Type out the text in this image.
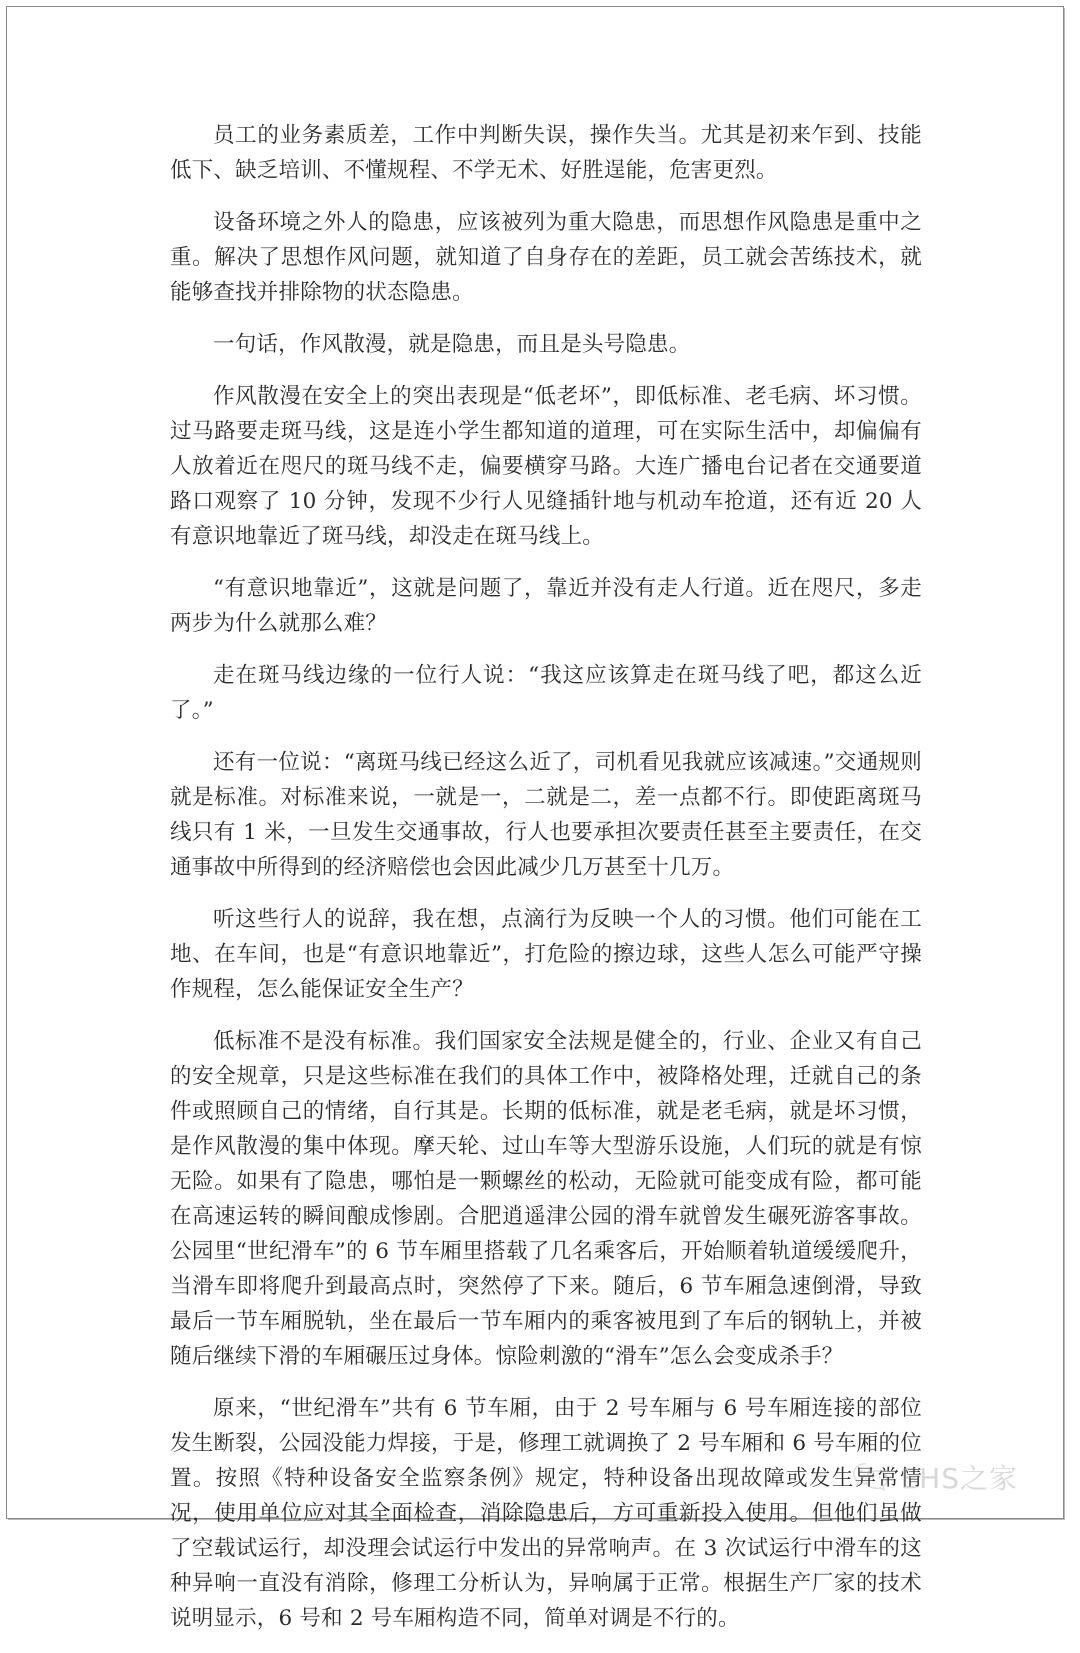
员工的业务素质差，工作中判断失误，操作失当。尤其是初来乍到、技能低下、缺乏培训、不懂规程、不学无术、好胜逞能，危害更烈。

设备环境之外人的隐患，应该被列为重大隐患，而思想作风隐患是重中之重。解决了思想作风问题，就知道了自身存在的差距，员工就会苦练技术，就能够查找并排除物的状态隐患。

一句话，作风散漫，就是隐患，而且是头号隐患。

作风散漫在安全上的突出表现是“低老坏”，即低标准、老毛病、坏习惯。过马路要走斑马线，这是连小学生都知道的道理，可在实际生活中，却偏偏有人放着近在咫尺的斑马线不走，偏要横穿马路。大连广播电台记者在交通要道路口观察了 10 分钟，发现不少行人见缝插针地与机动车抢道，还有近 20 人有意识地靠近了斑马线，却没走在斑马线上。

“有意识地靠近”，这就是问题了，靠近并没有走人行道。近在咫尺，多走两步为什么就那么难？

走在斑马线边缘的一位行人说：“我这应该算走在斑马线了吧，都这么近了。”

还有一位说：“离斑马线已经这么近了，司机看见我就应该减速。”交通规则就是标准。对标准来说，一就是一，二就是二，差一点都不行。即使距离斑马线只有 1 米，一旦发生交通事故，行人也要承担次要责任甚至主要责任，在交通事故中所得到的经济赔偿也会因此减少几万甚至十几万。

听这些行人的说辞，我在想，点滴行为反映一个人的习惯。他们可能在工地、在车间，也是“有意识地靠近”，打危险的擦边球，这些人怎么可能严守操作规程，怎么能保证安全生产？

低标准不是没有标准。我们国家安全法规是健全的，行业、企业又有自己的安全规章，只是这些标准在我们的具体工作中，被降格处理，迁就自己的条件或照顾自己的情绪，自行其是。长期的低标准，就是老毛病，就是坏习惯，是作风散漫的集中体现。摩天轮、过山车等大型游乐设施，人们玩的就是有惊无险。如果有了隐患，哪怕是一颗螺丝的松动，无险就可能变成有险，都可能在高速运转的瞬间酿成惨剧。合肥逍遥津公园的滑车就曾发生碾死游客事故。公园里“世纪滑车”的 6 节车厢里搭载了几名乘客后，开始顺着轨道缓缓爬升，当滑车即将爬升到最高点时，突然停了下来。随后，6 节车厢急速倒滑，导致最后一节车厢脱轨，坐在最后一节车厢内的乘客被甩到了车后的钢轨上，并被随后继续下滑的车厢碾压过身体。惊险刺激的“滑车”怎么会变成杀手？

原来，“世纪滑车”共有 6 节车厢，由于 2 号车厢与 6 号车厢连接的部位发生断裂，公园没能力焊接，于是，修理工就调换了 2 号车厢和 6 号车厢的位置。按照《特种设备安全监察条例》规定，特种设备出现故障或发生异常情况，使用单位应对其全面检查，消除隐患后，方可重新投入使用。但他们虽做了空载试运行，却没理会试运行中发出的异常响声。在 3 次试运行中滑车的这种异响一直没有消除，修理工分析认为，异响属于正常。根据生产厂家的技术说明显示，6 号和 2 号车厢构造不同，简单对调是不行的。

EHS之家
